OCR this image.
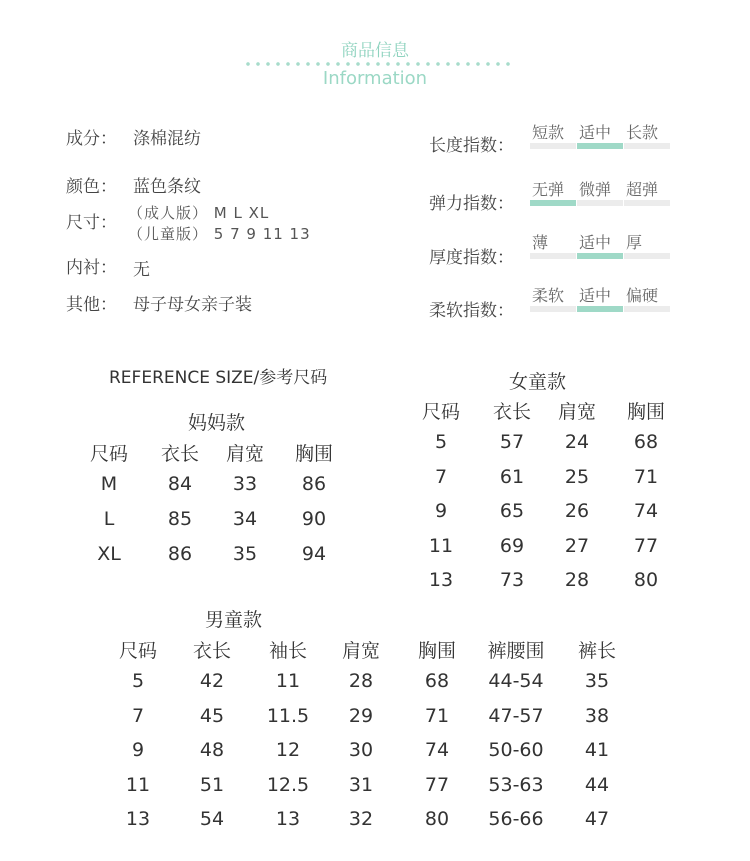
商品信息
Information
成分： 涤棉混纺
颜色： 蓝色条纹
尺寸： （成人版） M L XL
（儿童版） 5 7 9 11 13
内衬： 无
其他： 母子母女亲子装
长度指数：
短款 适中 长款
弹力指数：
无弹 微弹 超弹
厚度指数：
薄	适中 厚
柔软指数：
柔软 适中 偏硬
REFERENCE SIZE/参考尺码
妈妈款
尺码	衣长	肩宽	胸围
M	84	33	86
L	85	34	90
XL	86	35	94
女童款
尺码	衣长	肩宽	胸围
5	57	24	68
7	61	25	71
9	65	26	74
11	69	27	77
13	73	28	80
男童款
尺码	衣长	袖长	肩宽	胸围	裤腰围	裤长
5	42	11	28	68	44-54	35
7	45	11.5	29	71	47-57	38
9	48	12	30	74	50-60	41
11	51	12.5	31	77	53-63	44
13	54	13	32	80	56-66	47
